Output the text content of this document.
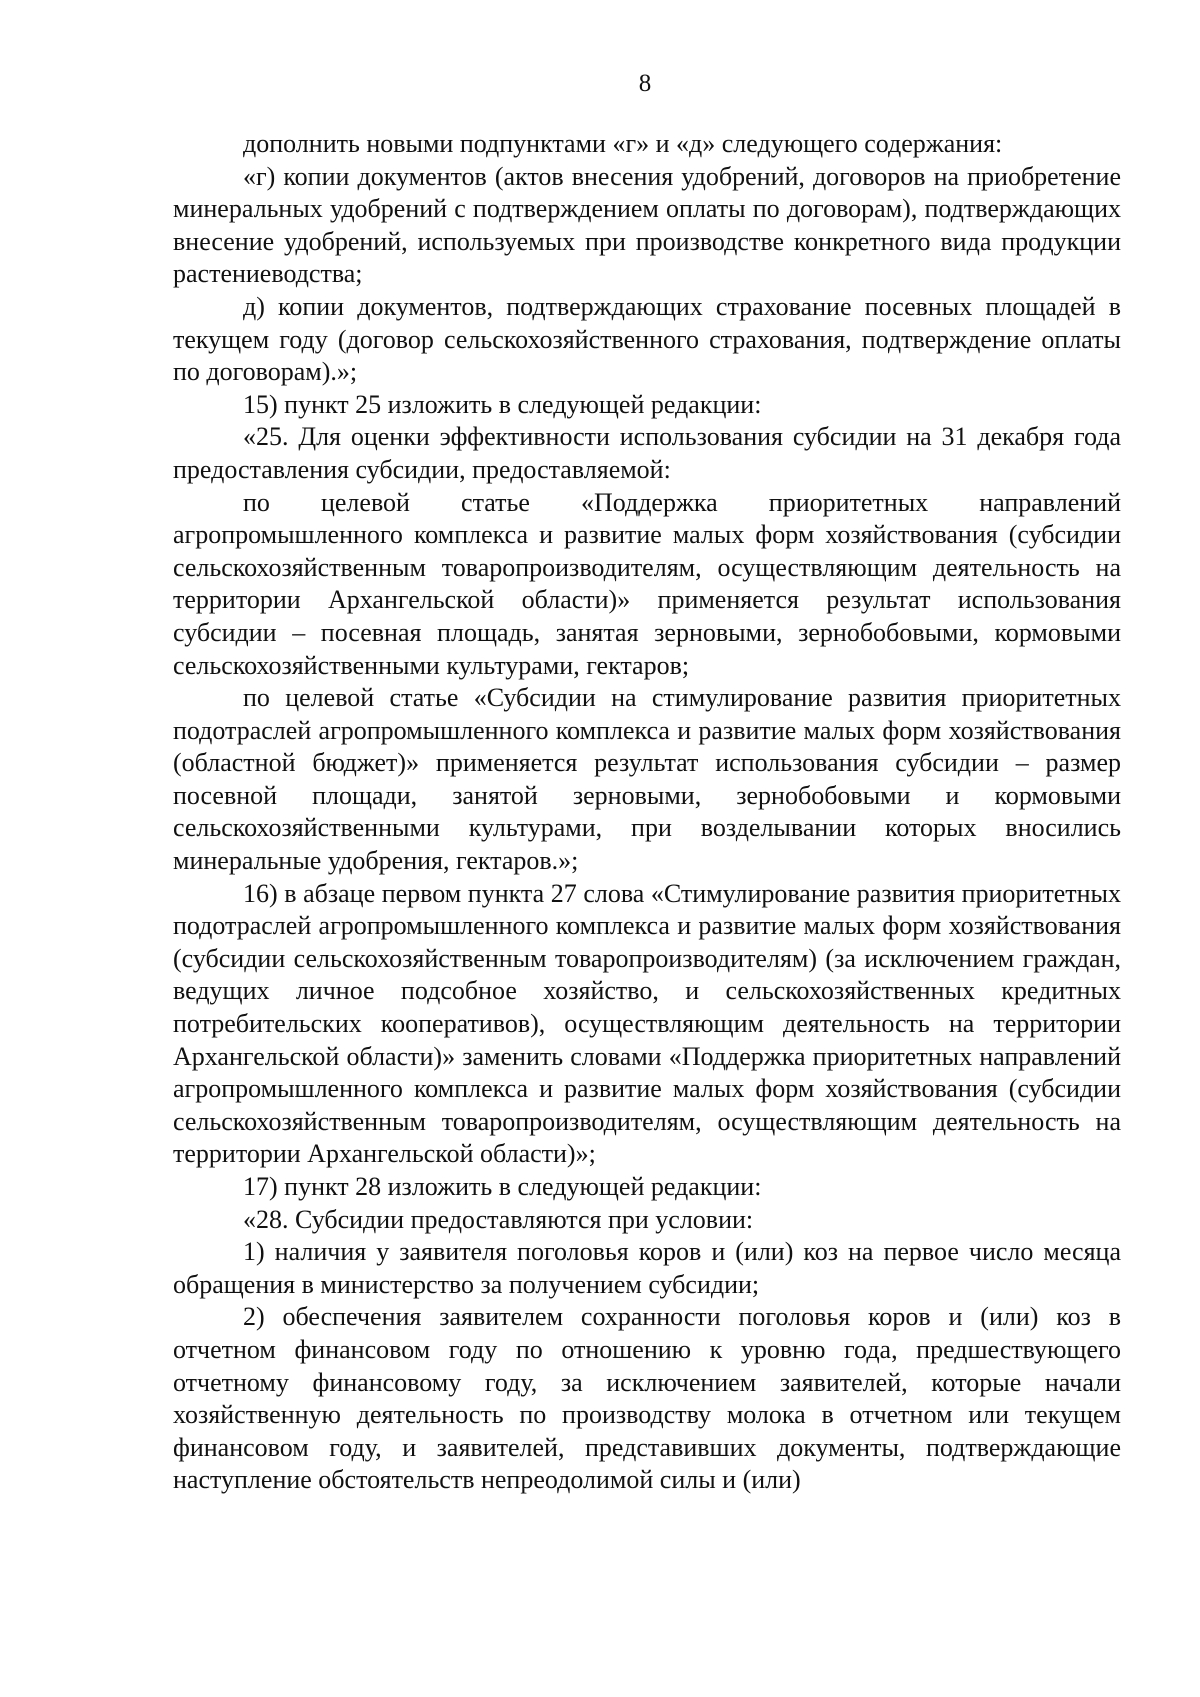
8

дополнить новыми подпунктами «г» и «д» следующего содержания:

«г) копии документов (актов внесения удобрений, договоров на приобретение минеральных удобрений с подтверждением оплаты по договорам), подтверждающих внесение удобрений, используемых при производстве конкретного вида продукции растениеводства;

д) копии документов, подтверждающих страхование посевных площадей в текущем году (договор сельскохозяйственного страхования, подтверждение оплаты по договорам).»;

15) пункт 25 изложить в следующей редакции:

«25. Для оценки эффективности использования субсидии на 31 декабря года предоставления субсидии, предоставляемой:

по целевой статье «Поддержка приоритетных направлений агропромышленного комплекса и развитие малых форм хозяйствования (субсидии сельскохозяйственным товаропроизводителям, осуществляющим деятельность на территории Архангельской области)» применяется результат использования субсидии – посевная площадь, занятая зерновыми, зернобобовыми, кормовыми сельскохозяйственными культурами, гектаров;

по целевой статье «Субсидии на стимулирование развития приоритетных подотраслей агропромышленного комплекса и развитие малых форм хозяйствования (областной бюджет)» применяется результат использования субсидии – размер посевной площади, занятой зерновыми, зернобобовыми и кормовыми сельскохозяйственными культурами, при возделывании которых вносились минеральные удобрения, гектаров.»;

16) в абзаце первом пункта 27 слова «Стимулирование развития приоритетных подотраслей агропромышленного комплекса и развитие малых форм хозяйствования (субсидии сельскохозяйственным товаропроизводителям) (за исключением граждан, ведущих личное подсобное хозяйство, и сельскохозяйственных кредитных потребительских кооперативов), осуществляющим деятельность на территории Архангельской области)» заменить словами «Поддержка приоритетных направлений агропромышленного комплекса и развитие малых форм хозяйствования (субсидии сельскохозяйственным товаропроизводителям, осуществляющим деятельность на территории Архангельской области)»;

17) пункт 28 изложить в следующей редакции:

«28. Субсидии предоставляются при условии:

1) наличия у заявителя поголовья коров и (или) коз на первое число месяца обращения в министерство за получением субсидии;

2) обеспечения заявителем сохранности поголовья коров и (или) коз в отчетном финансовом году по отношению к уровню года, предшествующего отчетному финансовому году, за исключением заявителей, которые начали хозяйственную деятельность по производству молока в отчетном или текущем финансовом году, и заявителей, представивших документы, подтверждающие наступление обстоятельств непреодолимой силы и (или)
